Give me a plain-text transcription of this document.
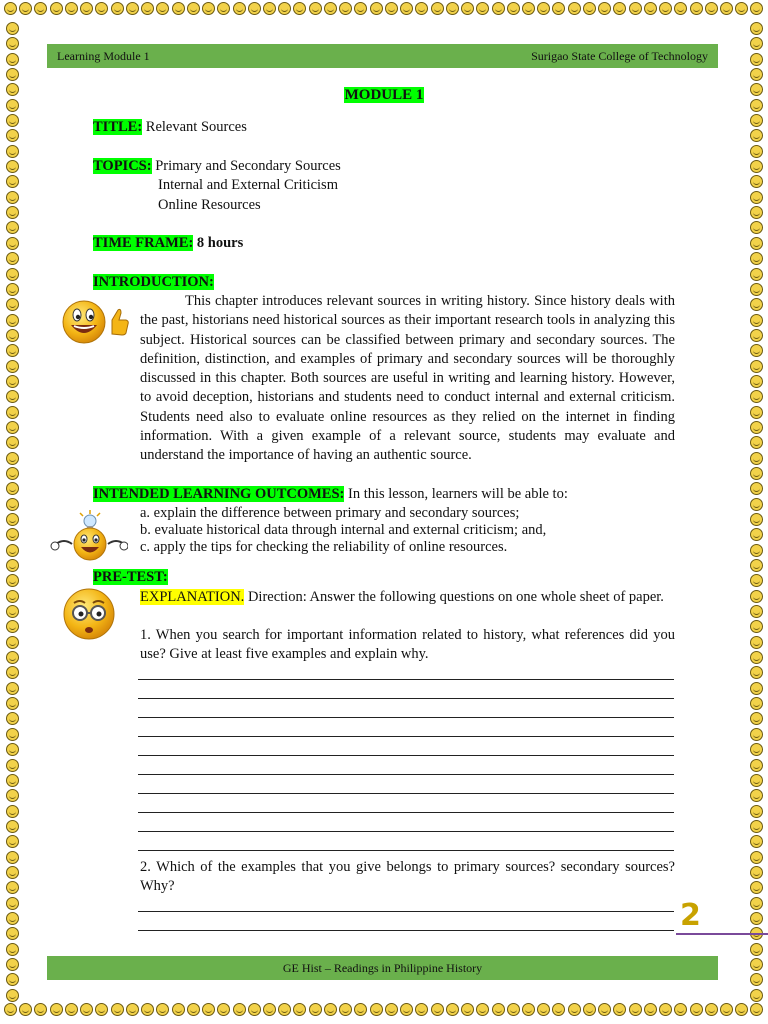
Learning Module 1	Surigao State College of Technology
MODULE 1
TITLE: Relevant Sources
TOPICS: Primary and Secondary Sources
Internal and External Criticism
Online Resources
TIME FRAME: 8 hours
INTRODUCTION:
This chapter introduces relevant sources in writing history. Since history deals with the past, historians need historical sources as their important research tools in analyzing this subject. Historical sources can be classified between primary and secondary sources. The definition, distinction, and examples of primary and secondary sources will be thoroughly discussed in this chapter. Both sources are useful in writing and learning history. However, to avoid deception, historians and students need to conduct internal and external criticism. Students need also to evaluate online resources as they relied on the internet in finding information. With a given example of a relevant source, students may evaluate and understand the importance of having an authentic source.
INTENDED LEARNING OUTCOMES: In this lesson, learners will be able to:
a. explain the difference between primary and secondary sources;
b. evaluate historical data through internal and external criticism; and,
c. apply the tips for checking the reliability of online resources.
PRE-TEST:
EXPLANATION. Direction: Answer the following questions on one whole sheet of paper.
1. When you search for important information related to history, what references did you use? Give at least five examples and explain why.
2. Which of the examples that you give belongs to primary sources? secondary sources? Why?
2
GE Hist – Readings in Philippine History
